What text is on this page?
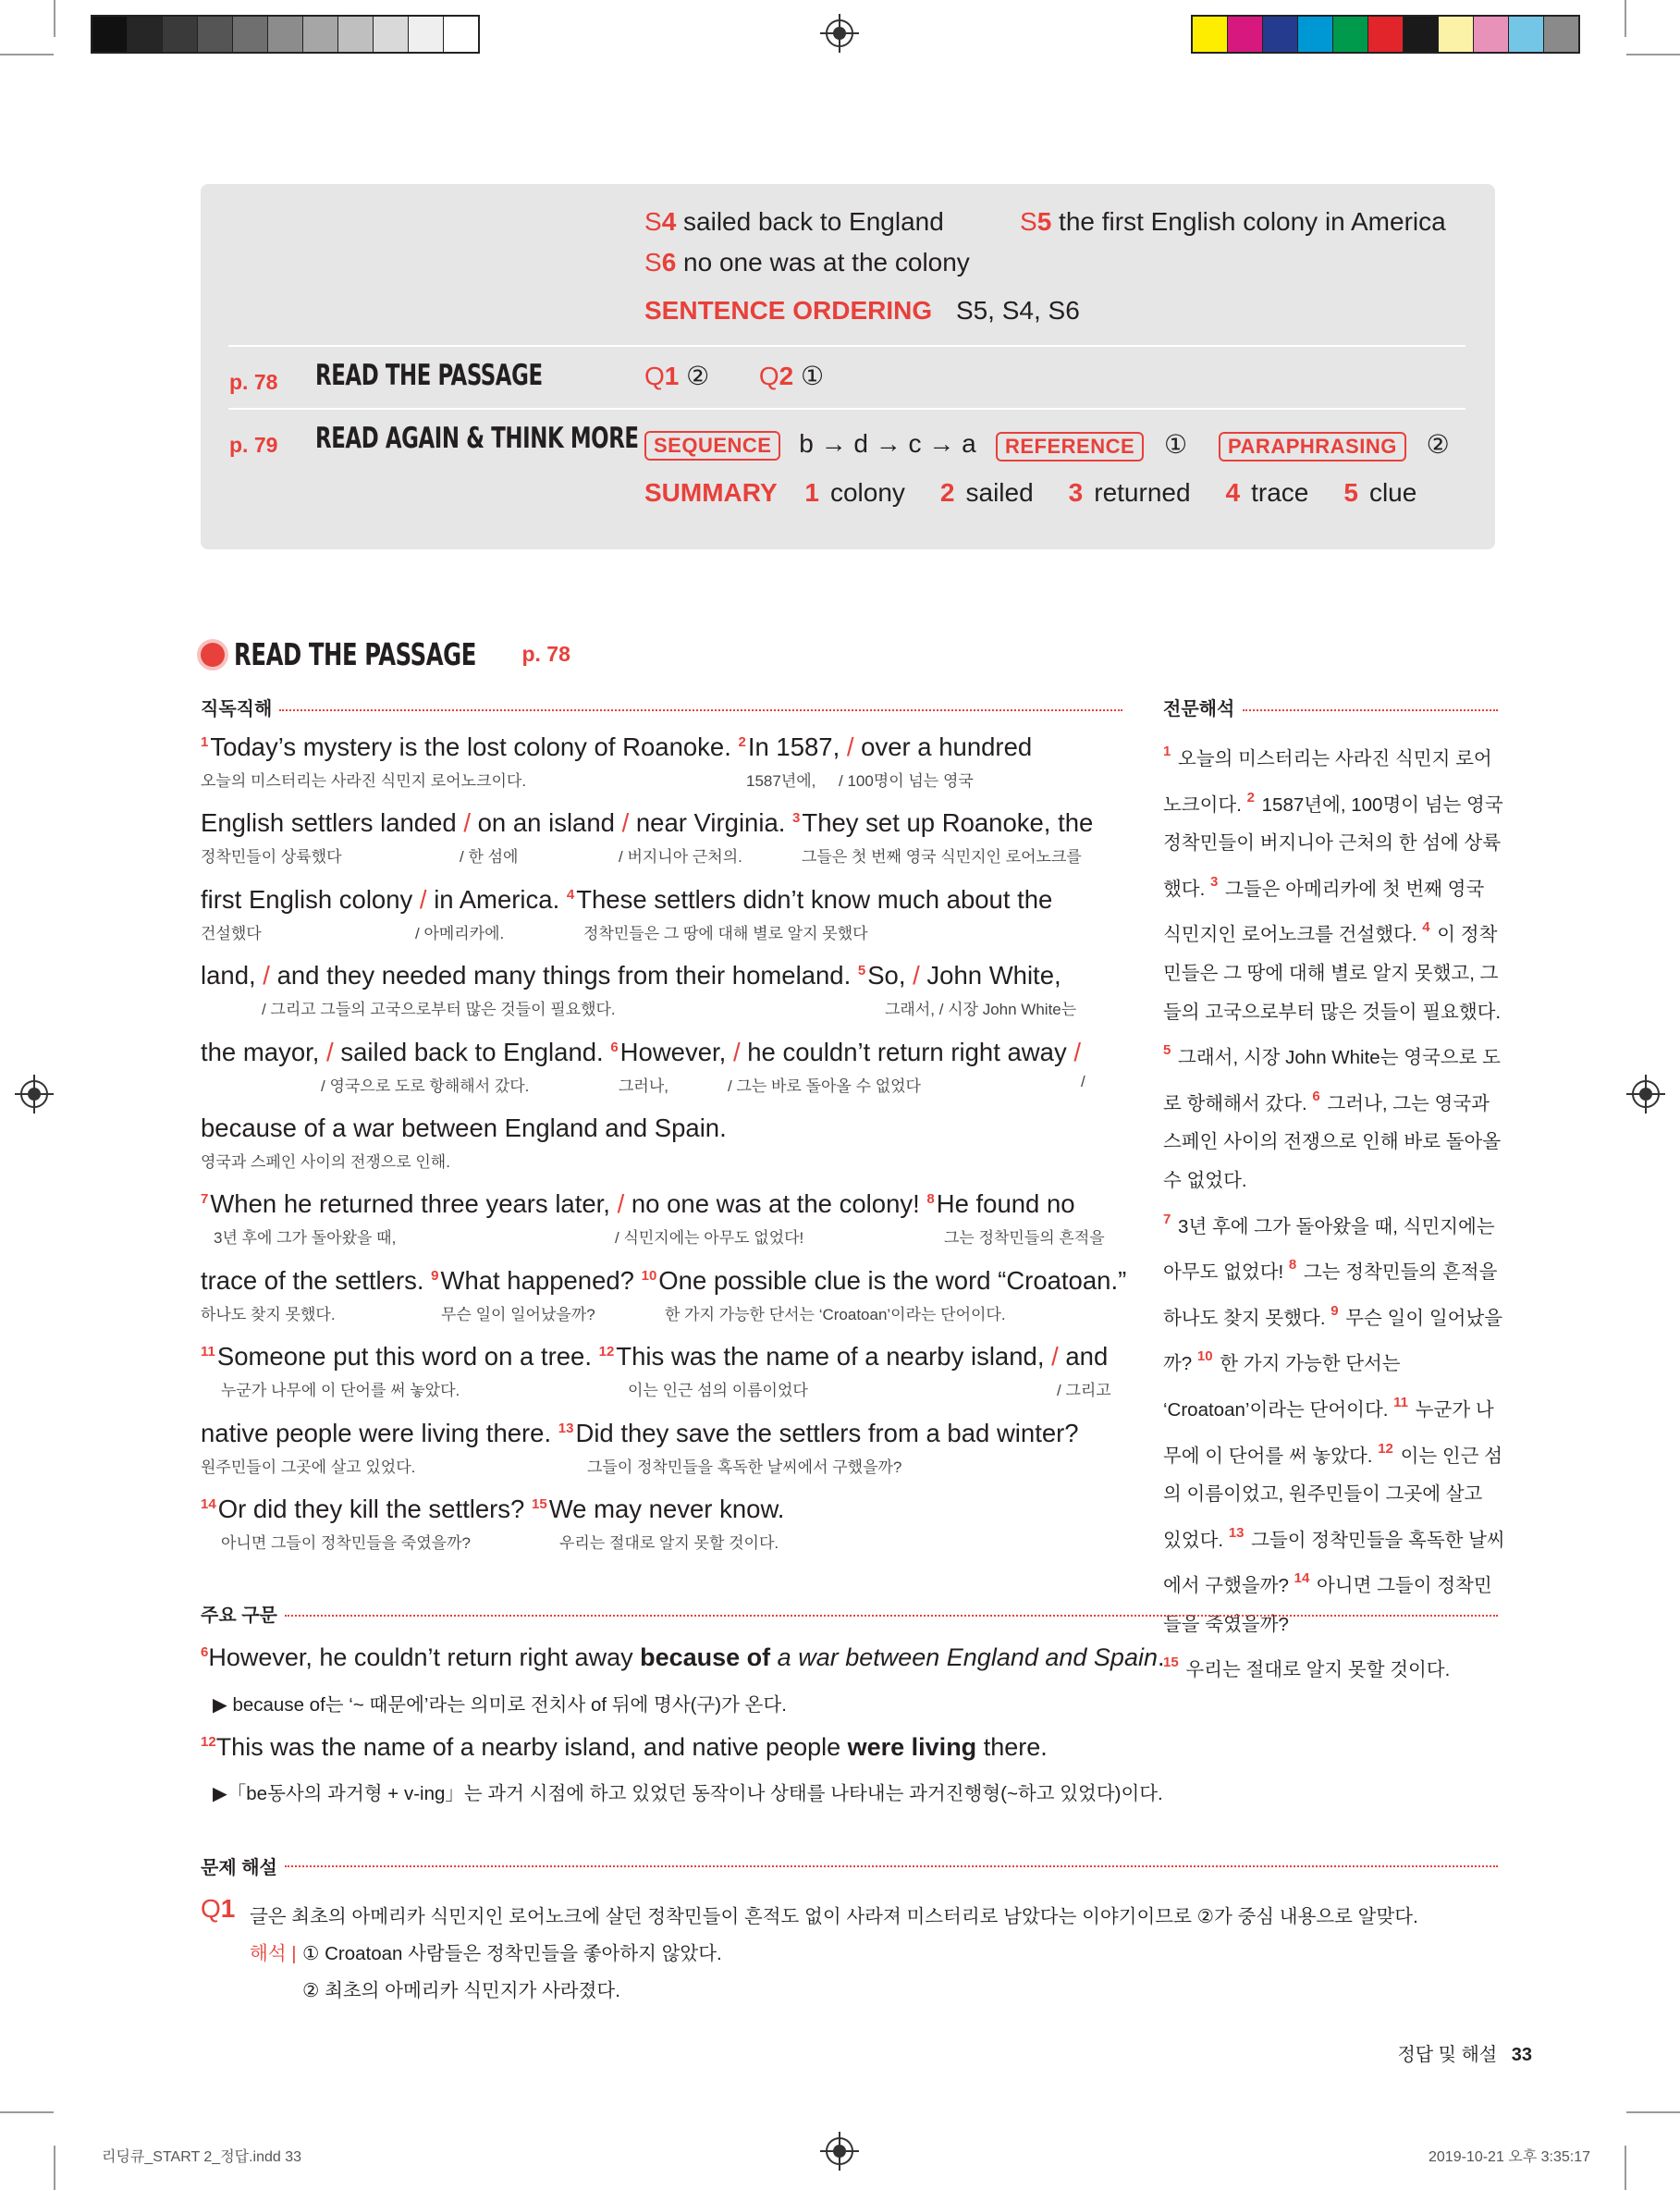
S4 sailed back to England	S5 the first English colony in America
S6 no one was at the colony
SENTENCE ORDERING S5, S4, S6
p. 78 READ THE PASSAGE	Q1 ② Q2 ①
p. 79 READ AGAIN & THINK MORE SEQUENCE b → d → c → a	REFERENCE ①	PARAPHRASING ②
SUMMARY 1 colony 2 sailed 3 returned 4 trace 5 clue
READ THE PASSAGE p. 78
직독직해	전문해석
$^1$Today’s mystery is the lost colony of Roanoke. $^2$In 1587, / over a hundred
오늘의 미스터리는 사라진 식민지 로어노크이다.	1587년에, / 100명이 넘는 영국
English settlers landed / on an island / near Virginia. $^3$They set up Roanoke, the
정착민들이 상륙했다	/ 한 섬에	/ 버지니아 근처의.	그들은 첫 번째 영국 식민지인 로어노크를
first English colony / in America. $^4$These settlers didn’t know much about the
건설했다	/ 아메리카에.	정착민들은 그 땅에 대해 별로 알지 못했다
land, / and they needed many things from their homeland. $^5$So, / John White,
/ 그리고 그들의 고국으로부터 많은 것들이 필요했다.	그래서, / 시장 John White는
the mayor, / sailed back to England. $^6$However, / he couldn’t return right away /
/ 영국으로 도로 항해해서 갔다.	그러나,	/ 그는 바로 돌아올 수 없었다	/
because of a war between England and Spain.
영국과 스페인 사이의 전쟁으로 인해.
$^7$When he returned three years later, / no one was at the colony! $^8$He found no
3년 후에 그가 돌아왔을 때,	/ 식민지에는 아무도 없었다!	그는 정착민들의 흔적을
trace of the settlers. $^9$What happened? $^{10}$One possible clue is the word “Croatoan.”
하나도 찾지 못했다.	무슨 일이 일어났을까?	한 가지 가능한 단서는 ‘Croatoan’이라는 단어이다.
$^{11}$Someone put this word on a tree. $^{12}$This was the name of a nearby island, / and
누군가 나무에 이 단어를 써 놓았다.	이는 인근 섬의 이름이었다	/ 그리고
native people were living there. $^{13}$Did they save the settlers from a bad winter?
원주민들이 그곳에 살고 있었다.	그들이 정착민들을 혹독한 날씨에서 구했을까?
$^{14}$Or did they kill the settlers? $^{15}$We may never know.
아니면 그들이 정착민들을 죽였을까?	우리는 절대로 알지 못할 것이다.
$^1$ 오늘의 미스터리는 사라진 식민지 로어노크이다. $^2$ 1587년에, 100명이 넘는 영국 정착민들이 버지니아 근처의 한 섬에 상륙했다. $^3$ 그들은 아메리카에 첫 번째 영국 식민지인 로어노크를 건설했다. $^4$ 이 정착민들은 그 땅에 대해 별로 알지 못했고, 그들의 고국으로부터 많은 것들이 필요했다. $^5$ 그래서, 시장 John White는 영국으로 도로 항해해서 갔다. $^6$ 그러나, 그는 영국과 스페인 사이의 전쟁으로 인해 바로 돌아올 수 없었다.
$^7$ 3년 후에 그가 돌아왔을 때, 식민지에는 아무도 없었다! $^8$ 그는 정착민들의 흔적을 하나도 찾지 못했다. $^9$ 무슨 일이 일어났을까? $^{10}$ 한 가지 가능한 단서는 ‘Croatoan’이라는 단어이다. $^{11}$ 누군가 나무에 이 단어를 써 놓았다. $^{12}$ 이는 인근 섬의 이름이었고, 원주민들이 그곳에 살고 있었다. $^{13}$ 그들이 정착민들을 혹독한 날씨에서 구했을까? $^{14}$ 아니면 그들이 정착민들을 죽였을까?
$^{15}$ 우리는 절대로 알지 못할 것이다.
주요 구문
$^6$However, he couldn’t return right away because of a war between England and Spain.
▶ because of는 ‘~ 때문에’라는 의미로 전치사 of 뒤에 명사(구)가 온다.
$^{12}$This was the name of a nearby island, and native people were living there.
▶「be동사의 과거형 + v-ing」는 과거 시점에 하고 있었던 동작이나 상태를 나타내는 과거진행형(~하고 있었다)이다.
문제 해설
Q1 글은 최초의 아메리카 식민지인 로어노크에 살던 정착민들이 흔적도 없이 사라져 미스터리로 남았다는 이야기이므로 ②가 중심 내용으로 알맞다.
해석 | ① Croatoan 사람들은 정착민들을 좋아하지 않았다.
② 최초의 아메리카 식민지가 사라졌다.
정답 및 해설 33
리딩큐_START 2_정답.indd 33	2019-10-21 오후 3:35:17
